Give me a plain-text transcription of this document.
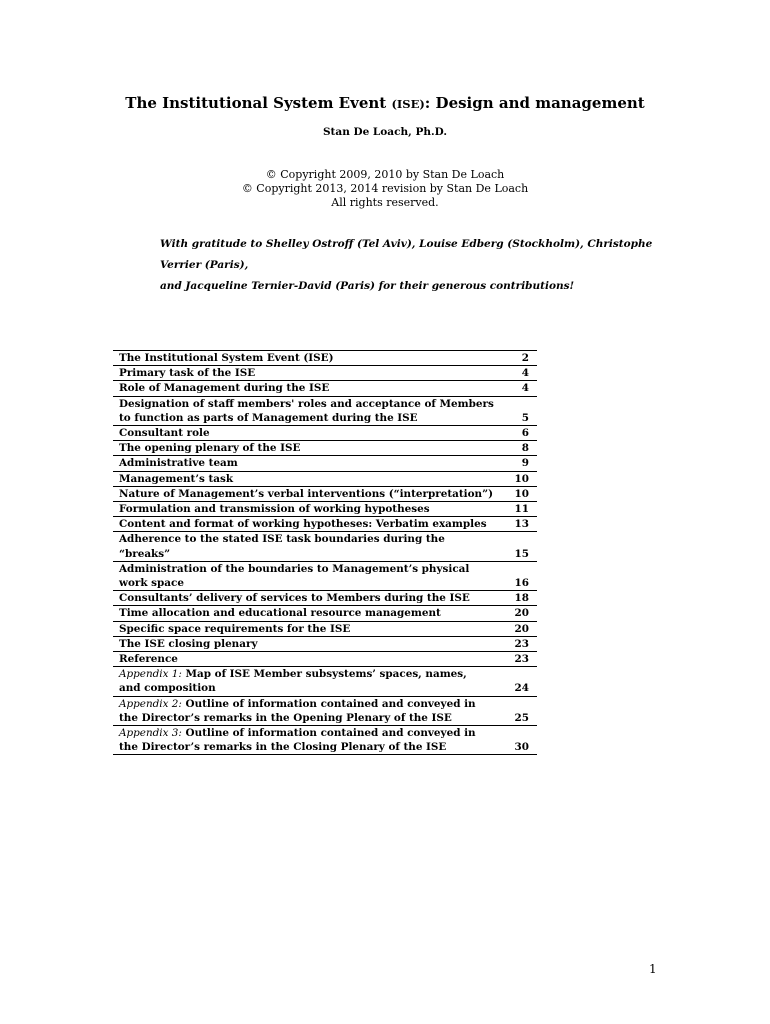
The Institutional System Event (ISE): Design and management
Stan De Loach, Ph.D.
© Copyright 2009, 2010 by Stan De Loach
© Copyright 2013, 2014 revision by Stan De Loach
All rights reserved.
With gratitude to Shelley Ostroff (Tel Aviv), Louise Edberg (Stockholm), Christophe
Verrier (Paris),
and Jacqueline Ternier-David (Paris) for their generous contributions!
The Institutional System Event (ISE)	2

Primary task of the ISE	4

Role of Management during the ISE	4

Designation of staff members' roles and acceptance of Members
to function as parts of Management during the ISE	5

Consultant role	6

The opening plenary of the ISE	8

Administrative team	9

Management’s task	10

Nature of Management’s verbal interventions (“interpretation”)	10

Formulation and transmission of working hypotheses	11

Content and format of working hypotheses: Verbatim examples	13

Adherence to the stated ISE task boundaries during the
“breaks”	15

Administration of the boundaries to Management’s physical
work space	16

Consultants’ delivery of services to Members during the ISE	18

Time allocation and educational resource management	20

Specific space requirements for the ISE	20

The ISE closing plenary	23

Reference	23

Appendix 1: Map of ISE Member subsystems’ spaces, names,
and composition	24

Appendix 2: Outline of information contained and conveyed in
the Director’s remarks in the Opening Plenary of the ISE	25

Appendix 3: Outline of information contained and conveyed in
the Director’s remarks in the Closing Plenary of the ISE	30
1
